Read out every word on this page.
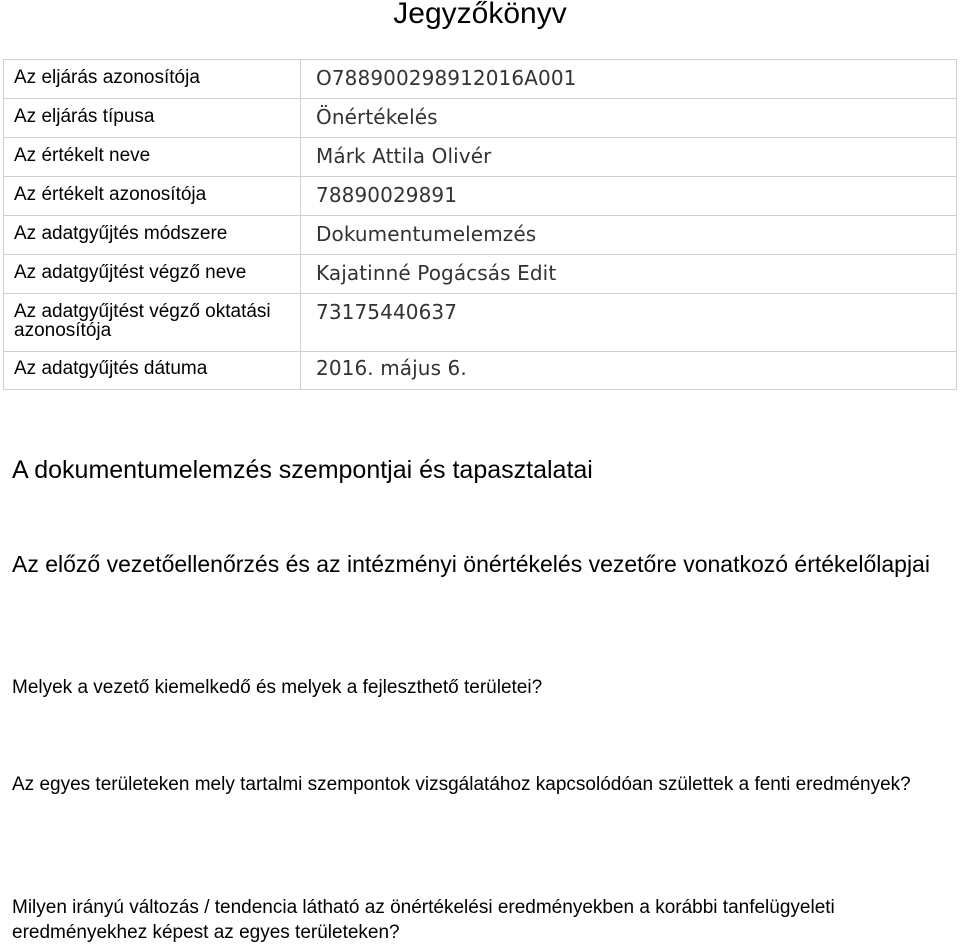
Jegyzőkönyv
Az eljárás azonosítója	O788900298912016A001
Az eljárás típusa	Önértékelés
Az értékelt neve	Márk Attila Olivér
Az értékelt azonosítója	78890029891
Az adatgyűjtés módszere	Dokumentumelemzés
Az adatgyűjtést végző neve	Kajatinné Pogácsás Edit
Az adatgyűjtést végző oktatási azonosítója	73175440637
Az adatgyűjtés dátuma	2016. május 6.
A dokumentumelemzés szempontjai és tapasztalatai
Az előző vezetőellenőrzés és az intézményi önértékelés vezetőre vonatkozó értékelőlapjai

Melyek a vezető kiemelkedő és melyek a fejleszthető területei?

Az egyes területeken mely tartalmi szempontok vizsgálatához kapcsolódóan születtek a fenti eredmények?

Milyen irányú változás / tendencia látható az önértékelési eredményekben a korábbi tanfelügyeleti eredményekhez képest az egyes területeken?
